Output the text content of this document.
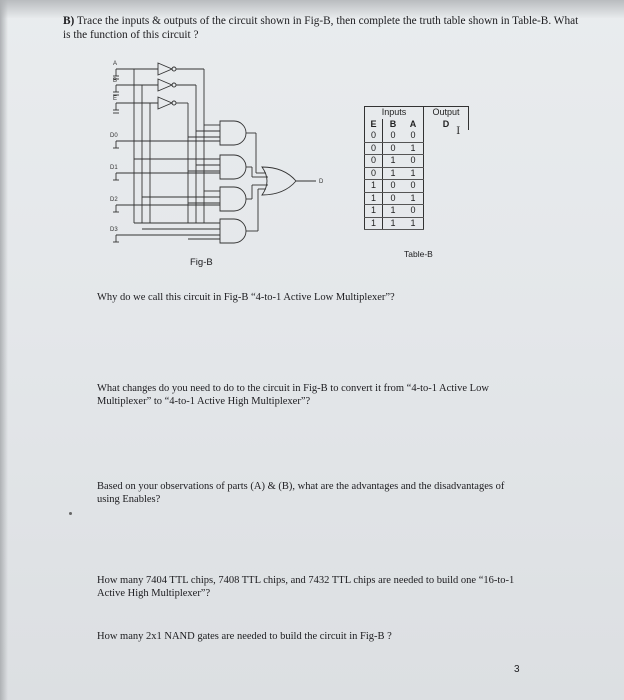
B) Trace the inputs & outputs of the circuit shown in Fig-B, then complete the truth table shown in Table-B. What is the function of this circuit ?
A
B
E
D0
D1
D2
D3
D
Fig-B
Inputs			Output
E	B	A	D
0	0	0	I
0	0	1	
0	1	0	
0	1	1	
1	0	0	
1	0	1	
1	1	0	
1	1	1	
Table-B
Why do we call this circuit in Fig-B “4-to-1 Active Low Multiplexer”?
What changes do you need to do to the circuit in Fig-B to convert it from “4-to-1 Active Low Multiplexer” to “4-to-1 Active High Multiplexer”?
Based on your observations of parts (A) & (B), what are the advantages and the disadvantages of using Enables?
How many 7404 TTL chips, 7408 TTL chips, and 7432 TTL chips are needed to build one “16-to-1 Active High Multiplexer”?
How many 2x1 NAND gates are needed to build the circuit in Fig-B ?
3
